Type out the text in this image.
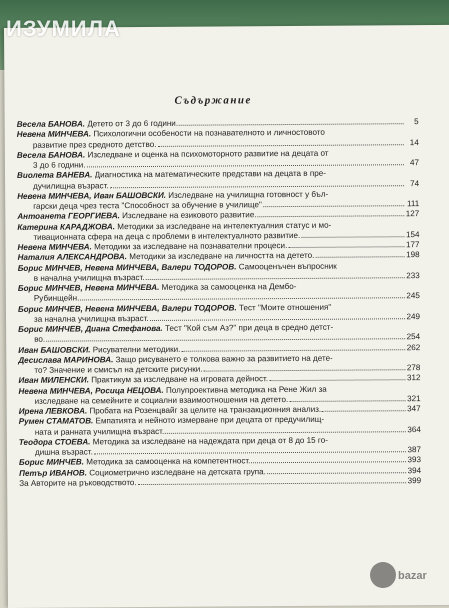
Съдържание
Весела БАНОВА.
Детето от 3 до 6 години.	5
Невена МИНЧЕВА.
Психологични особености на познавателното и личностовото
развитие през средното детство.	14
Весела БАНОВА.
Изследване и оценка на психомоторното развитие на децата от
3 до 6 години.	47
Виолета ВАНЕВА.
Диагностика на математическите представи на децата в пре-
дучилищна възраст.	74
Невена МИНЧЕВА, Иван БАШОВСКИ.
Изследване на училищна готовност у бъл-
гарски деца чрез теста "Способност за обучение в училище"	111
Антоанета ГЕОРГИЕВА.
Изследване на езиковото развитие.	127
Катерина КАРАДЖОВА.
Методики за изследване на интелектуалния статус и мо-
тивационната сфера на деца с проблеми в интелектуалното развитие.	154
Невена МИНЧЕВА.
Методики за изследване на познавателни процеси.	177
Наталия АЛЕКСАНДРОВА.
Методики за изследване на личността на детето.	198
Борис МИНЧЕВ, Невена МИНЧЕВА, Валери ТОДОРОВ.
Самооценъчен въпросник
в начална училищна възраст.	233
Борис МИНЧЕВ, Невена МИНЧЕВА.
Методика за самооценка на Дембо-
Рубинщейн.	245
Борис МИНЧЕВ, Невена МИНЧЕВА, Валери ТОДОРОВ.
Тест "Моите отношения"
за начална училищна възраст.	249
Борис МИНЧЕВ, Диана Стефанова.
Тест "Кой съм Аз?" при деца в средно детст-
во.	254
Иван БАШОВСКИ.
Рисувателни методики.	262
Десислава МАРИНОВА.
Защо рисуването е толкова важно за развитието на дете-
то? Значение и смисъл на детските рисунки.	278
Иван МИЛЕНСКИ.
Практикум за изследване на игровата дейност.	312
Невена МИНЧЕВА, Росица НЕЦОВА.
Полупроективна методика на Рене Жил за
изследване на семейните и социални взаимоотношения на детето.	321
Ирена ЛЕВКОВА.
Пробата на Розенцвайг за целите на транзакционния анализ.	347
Румен СТАМАТОВ.
Емпатията и нейното измерване при децата от предучилищ-
ната и ранната училищна възраст.	364
Теодора СТОЕВА.
Методика за изследване на надеждата при деца от 8 до 15 го-
дишна възраст.	387
Борис МИНЧЕВ.
Методика за самооценка на компетентност.	393
Петър ИВАНОВ.
Социометрично изследване на детската група.	394
За Авторите на ръководството.	399
ИЗУМИЛА
bazar
